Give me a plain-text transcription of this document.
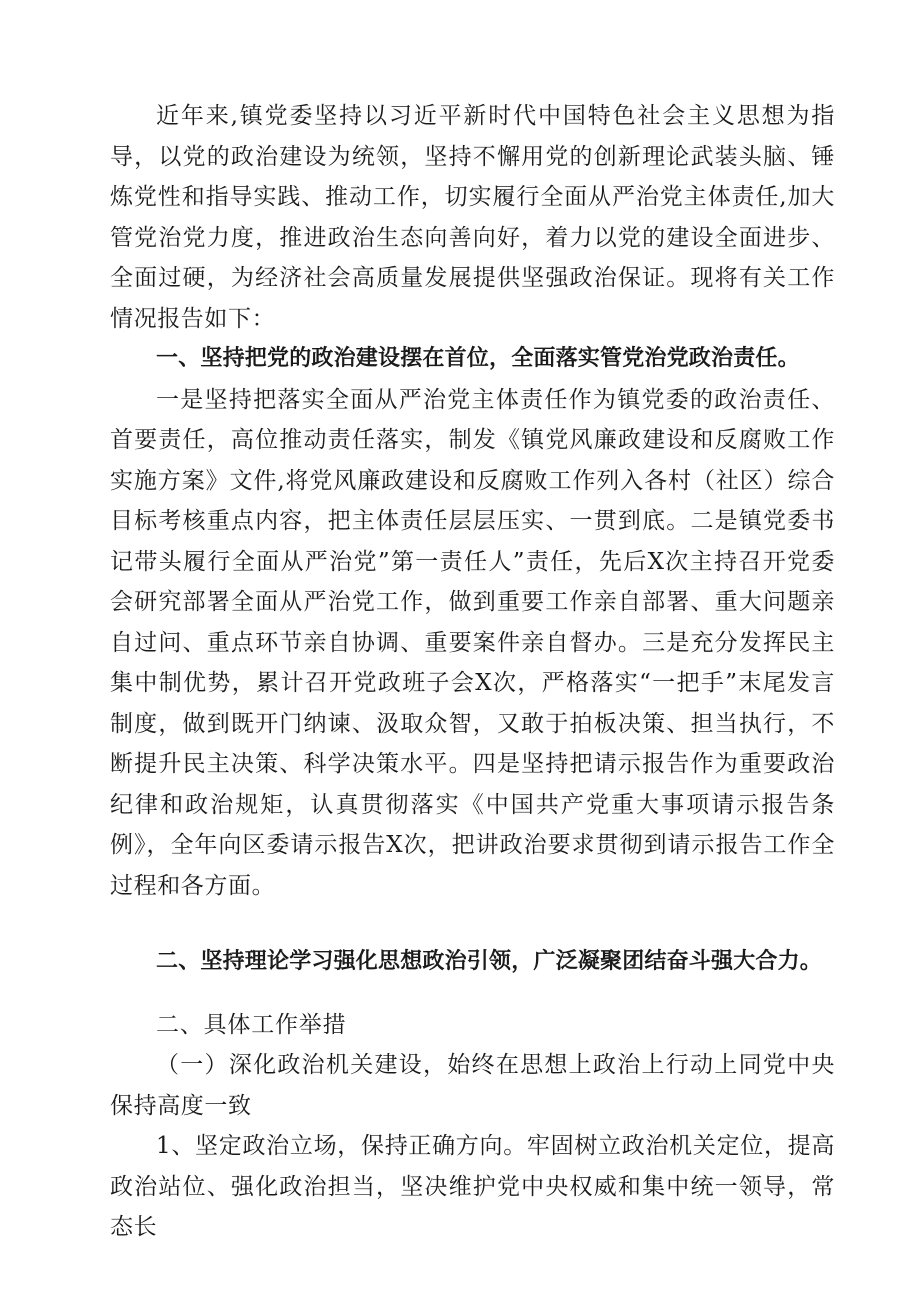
近年来,镇党委坚持以习近平新时代中国特色社会主义思想为指导，以党的政治建设为统领，坚持不懈用党的创新理论武装头脑、锤炼党性和指导实践、推动工作，切实履行全面从严治党主体责任,加大管党治党力度，推进政治生态向善向好，着力以党的建设全面进步、全面过硬，为经济社会高质量发展提供坚强政治保证。现将有关工作情况报告如下：

一、坚持把党的政治建设摆在首位，全面落实管党治党政治责任。

一是坚持把落实全面从严治党主体责任作为镇党委的政治责任、首要责任，高位推动责任落实，制发《镇党风廉政建设和反腐败工作实施方案》文件,将党风廉政建设和反腐败工作列入各村（社区）综合目标考核重点内容，把主体责任层层压实、一贯到底。二是镇党委书记带头履行全面从严治党”第一责任人”责任，先后X次主持召开党委会研究部署全面从严治党工作，做到重要工作亲自部署、重大问题亲自过问、重点环节亲自协调、重要案件亲自督办。三是充分发挥民主集中制优势，累计召开党政班子会X次，严格落实“一把手”末尾发言制度，做到既开门纳谏、汲取众智，又敢于拍板决策、担当执行，不断提升民主决策、科学决策水平。四是坚持把请示报告作为重要政治纪律和政治规矩，认真贯彻落实《中国共产党重大事项请示报告条例》，全年向区委请示报告X次，把讲政治要求贯彻到请示报告工作全过程和各方面。

二、坚持理论学习强化思想政治引领，广泛凝聚团结奋斗强大合力。

二、具体工作举措

（一）深化政治机关建设，始终在思想上政治上行动上同党中央保持高度一致

1、坚定政治立场，保持正确方向。牢固树立政治机关定位，提高政治站位、强化政治担当，坚决维护党中央权威和集中统一领导，常态长
